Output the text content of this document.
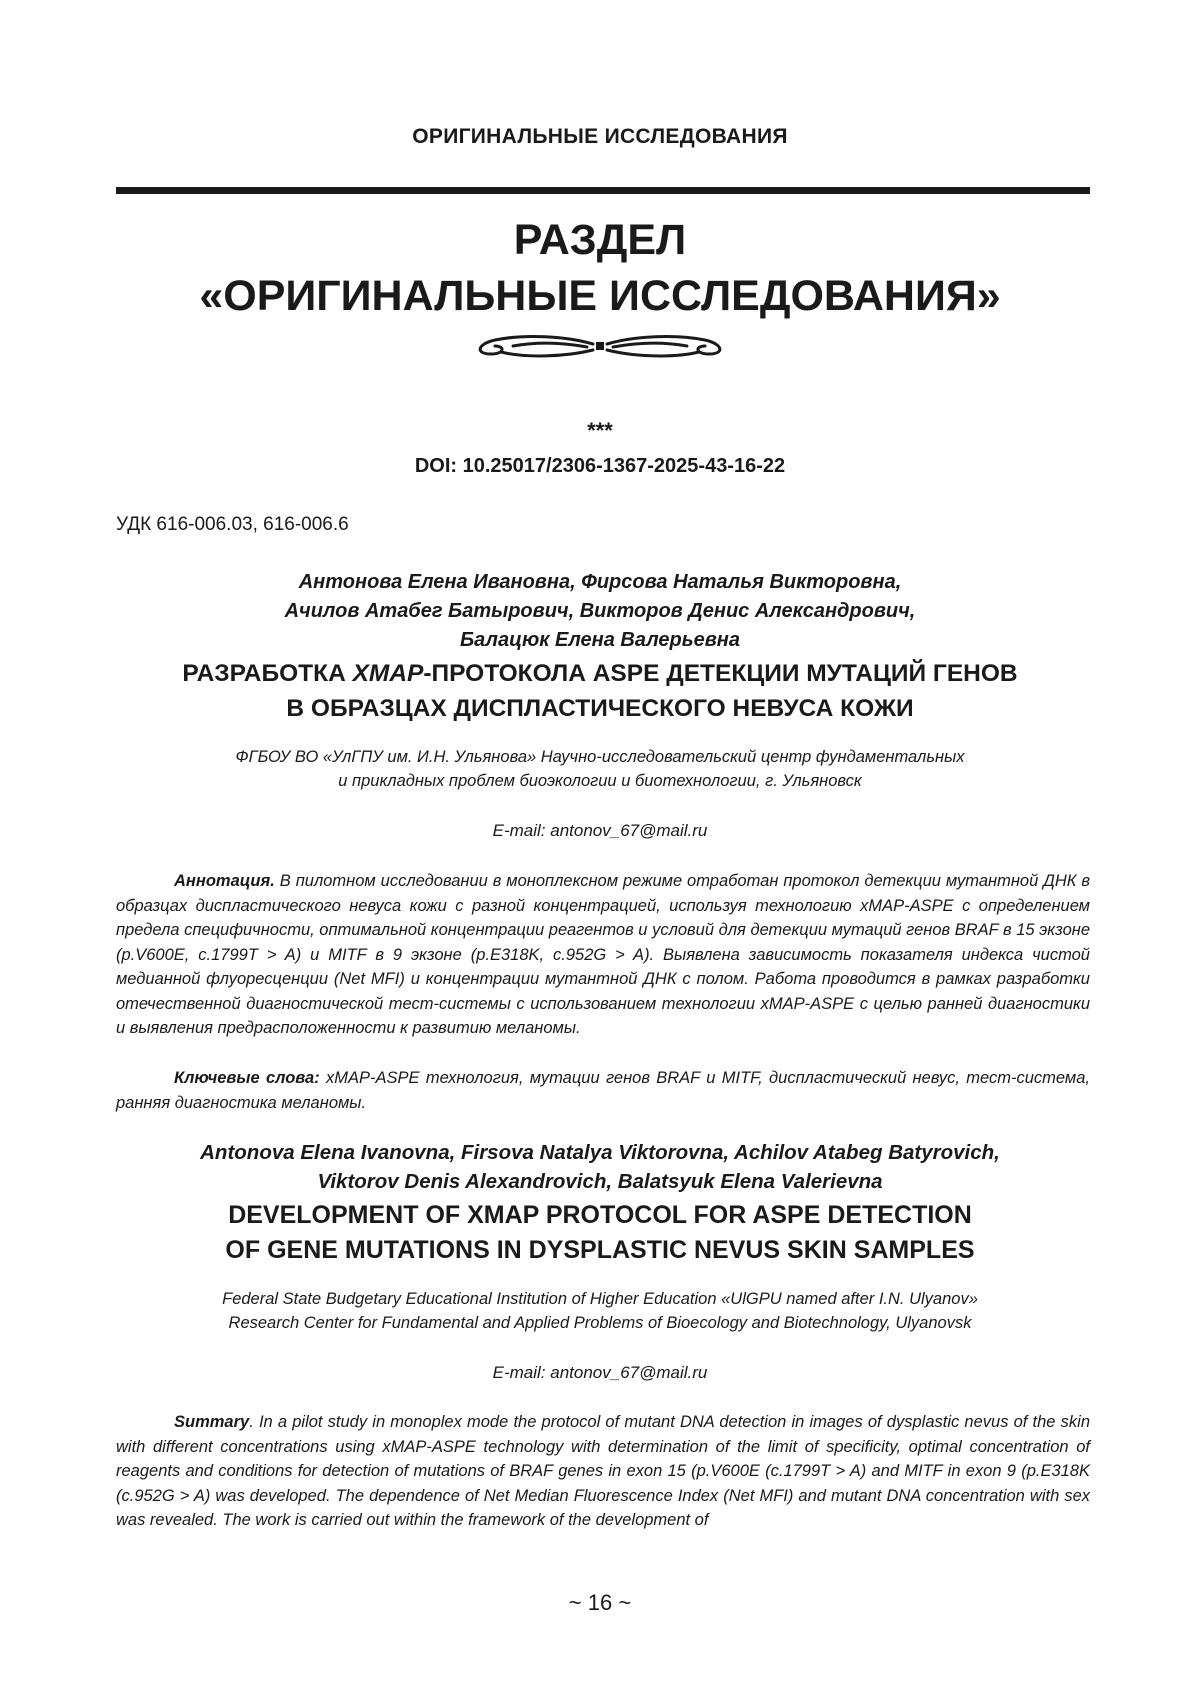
ОРИГИНАЛЬНЫЕ ИССЛЕДОВАНИЯ
РАЗДЕЛ
«ОРИГИНАЛЬНЫЕ ИССЛЕДОВАНИЯ»
***
DOI: 10.25017/2306-1367-2025-43-16-22
УДК 616-006.03, 616-006.6
Антонова Елена Ивановна, Фирсова Наталья Викторовна,
Ачилов Атабег Батырович, Викторов Денис Александрович,
Балацюк Елена Валерьевна
РАЗРАБОТКА XMAP-ПРОТОКОЛА ASPE ДЕТЕКЦИИ МУТАЦИЙ ГЕНОВ
В ОБРАЗЦАХ ДИСПЛАСТИЧЕСКОГО НЕВУСА КОЖИ
ФГБОУ ВО «УлГПУ им. И.Н. Ульянова» Научно-исследовательский центр фундаментальных
и прикладных проблем биоэкологии и биотехнологии, г. Ульяновск
E-mail: antonov_67@mail.ru
Аннотация. В пилотном исследовании в моноплексном режиме отработан протокол детекции мутантной ДНК в образцах диспластического невуса кожи с разной концентрацией, используя технологию xMAP-ASPE с определением предела специфичности, оптимальной концентрации реагентов и условий для детекции мутаций генов BRAF в 15 экзоне (p.V600E, c.1799T > A) и MITF в 9 экзоне (p.E318K, c.952G > A). Выявлена зависимость показателя индекса чистой медианной флуоресценции (Net MFI) и концентрации мутантной ДНК с полом. Работа проводится в рамках разработки отечественной диагностической тест-системы с использованием технологии xMAP-ASPE с целью ранней диагностики и выявления предрасположенности к развитию меланомы.
Ключевые слова: xMAP-ASPE технология, мутации генов BRAF и MITF, диспластический невус, тест-система, ранняя диагностика меланомы.
Antonova Elena Ivanovna, Firsova Natalya Viktorovna, Achilov Atabeg Batyrovich,
Viktorov Denis Alexandrovich, Balatsyuk Elena Valerievna
DEVELOPMENT OF XMAP PROTOCOL FOR ASPE DETECTION
OF GENE MUTATIONS IN DYSPLASTIC NEVUS SKIN SAMPLES
Federal State Budgetary Educational Institution of Higher Education «UlGPU named after I.N. Ulyanov»
Research Center for Fundamental and Applied Problems of Bioecology and Biotechnology, Ulyanovsk
E-mail: antonov_67@mail.ru
Summary. In a pilot study in monoplex mode the protocol of mutant DNA detection in images of dysplastic nevus of the skin with different concentrations using xMAP-ASPE technology with determination of the limit of specificity, optimal concentration of reagents and conditions for detection of mutations of BRAF genes in exon 15 (p.V600E (c.1799T > A) and MITF in exon 9 (p.E318K (c.952G > A) was developed. The dependence of Net Median Fluorescence Index (Net MFI) and mutant DNA concentration with sex was revealed. The work is carried out within the framework of the development of
~ 16 ~
